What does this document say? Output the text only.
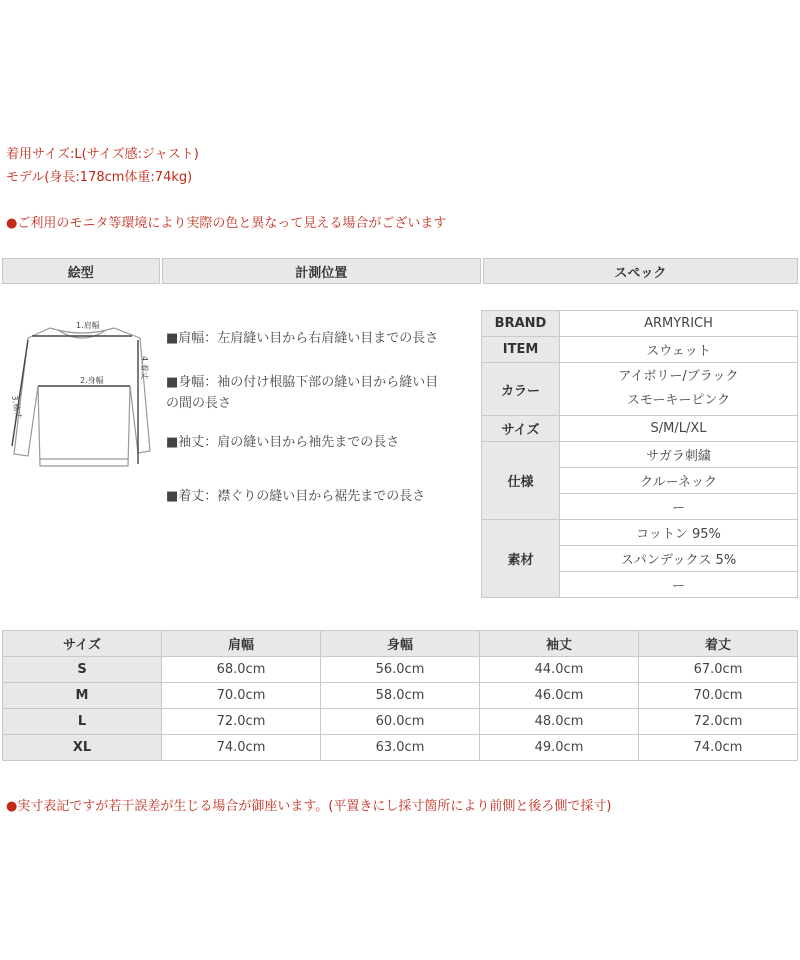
着用サイズ:L(サイズ感:ジャスト)
モデル(身長:178cm体重:74kg)
●ご利用のモニタ等環境により実際の色と異なって見える場合がございます
絵型	計測位置	スペック
1.肩幅
2.身幅
3.袖丈
4.着丈
■肩幅：左肩縫い目から右肩縫い目までの長さ
■身幅：袖の付け根脇下部の縫い目から縫い目
の間の長さ
■袖丈：肩の縫い目から袖先までの長さ
■着丈：襟ぐりの縫い目から裾先までの長さ
BRAND	ARMYRICH
ITEM	スウェット
カラー	アイボリー/ブラック
スモーキーピンク

サイズ	S/M/L/XL
仕様	サガラ刺繍
	クルーネック
	ー
素材	コットン 95%
	スパンデックス 5%
	ー
サイズ	肩幅	身幅	袖丈	着丈
S	68.0cm	56.0cm	44.0cm	67.0cm
M	70.0cm	58.0cm	46.0cm	70.0cm
L	72.0cm	60.0cm	48.0cm	72.0cm
XL	74.0cm	63.0cm	49.0cm	74.0cm
●実寸表記ですが若干誤差が生じる場合が御座います。(平置きにし採寸箇所により前側と後ろ側で採寸)
